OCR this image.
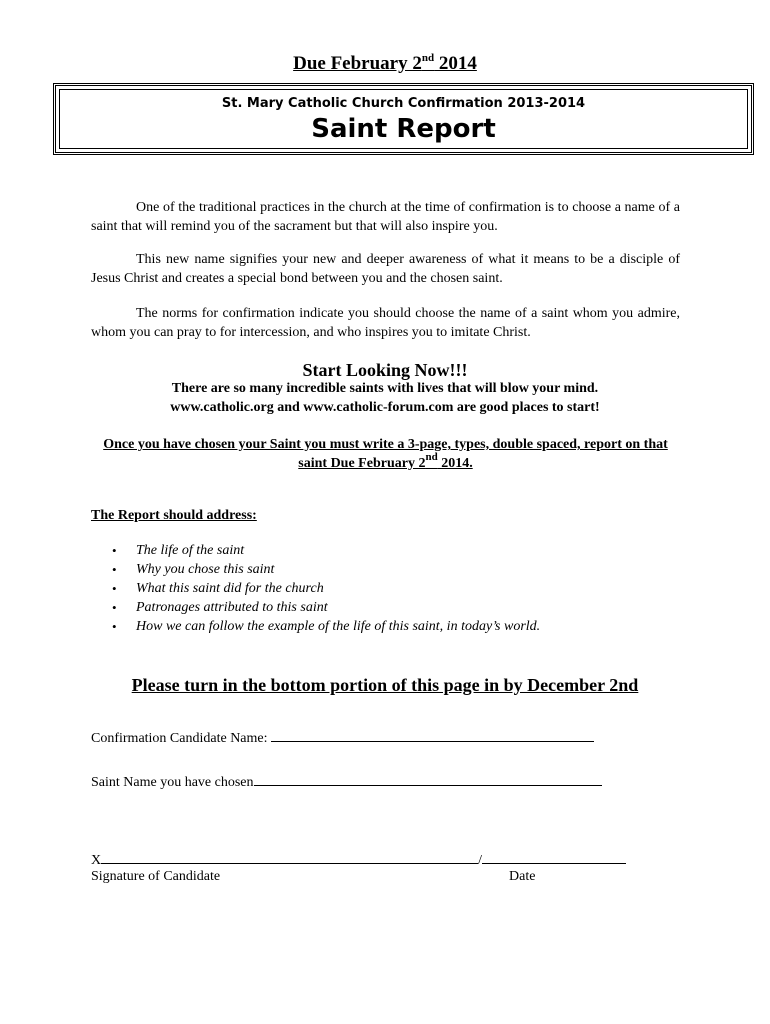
Due February 2nd 2014
St. Mary Catholic Church Confirmation 2013-2014
Saint Report
One of the traditional practices in the church at the time of confirmation is to choose a name of a saint that will remind you of the sacrament but that will also inspire you.
This new name signifies your new and deeper awareness of what it means to be a disciple of Jesus Christ and creates a special bond between you and the chosen saint.
The norms for confirmation indicate you should choose the name of a saint whom you admire, whom you can pray to for intercession, and who inspires you to imitate Christ.
Start Looking Now!!!
There are so many incredible saints with lives that will blow your mind.
www.catholic.org and www.catholic-forum.com are good places to start!
Once you have chosen your Saint you must write a 3-page, types, double spaced, report on that saint Due February 2nd 2014.
The Report should address:
• The life of the saint
• Why you chose this saint
• What this saint did for the church
• Patronages attributed to this saint
• How we can follow the example of the life of this saint, in today’s world.
Please turn in the bottom portion of this page in by December 2nd
Confirmation Candidate Name:
Saint Name you have chosen
X	/
Signature of Candidate	Date
